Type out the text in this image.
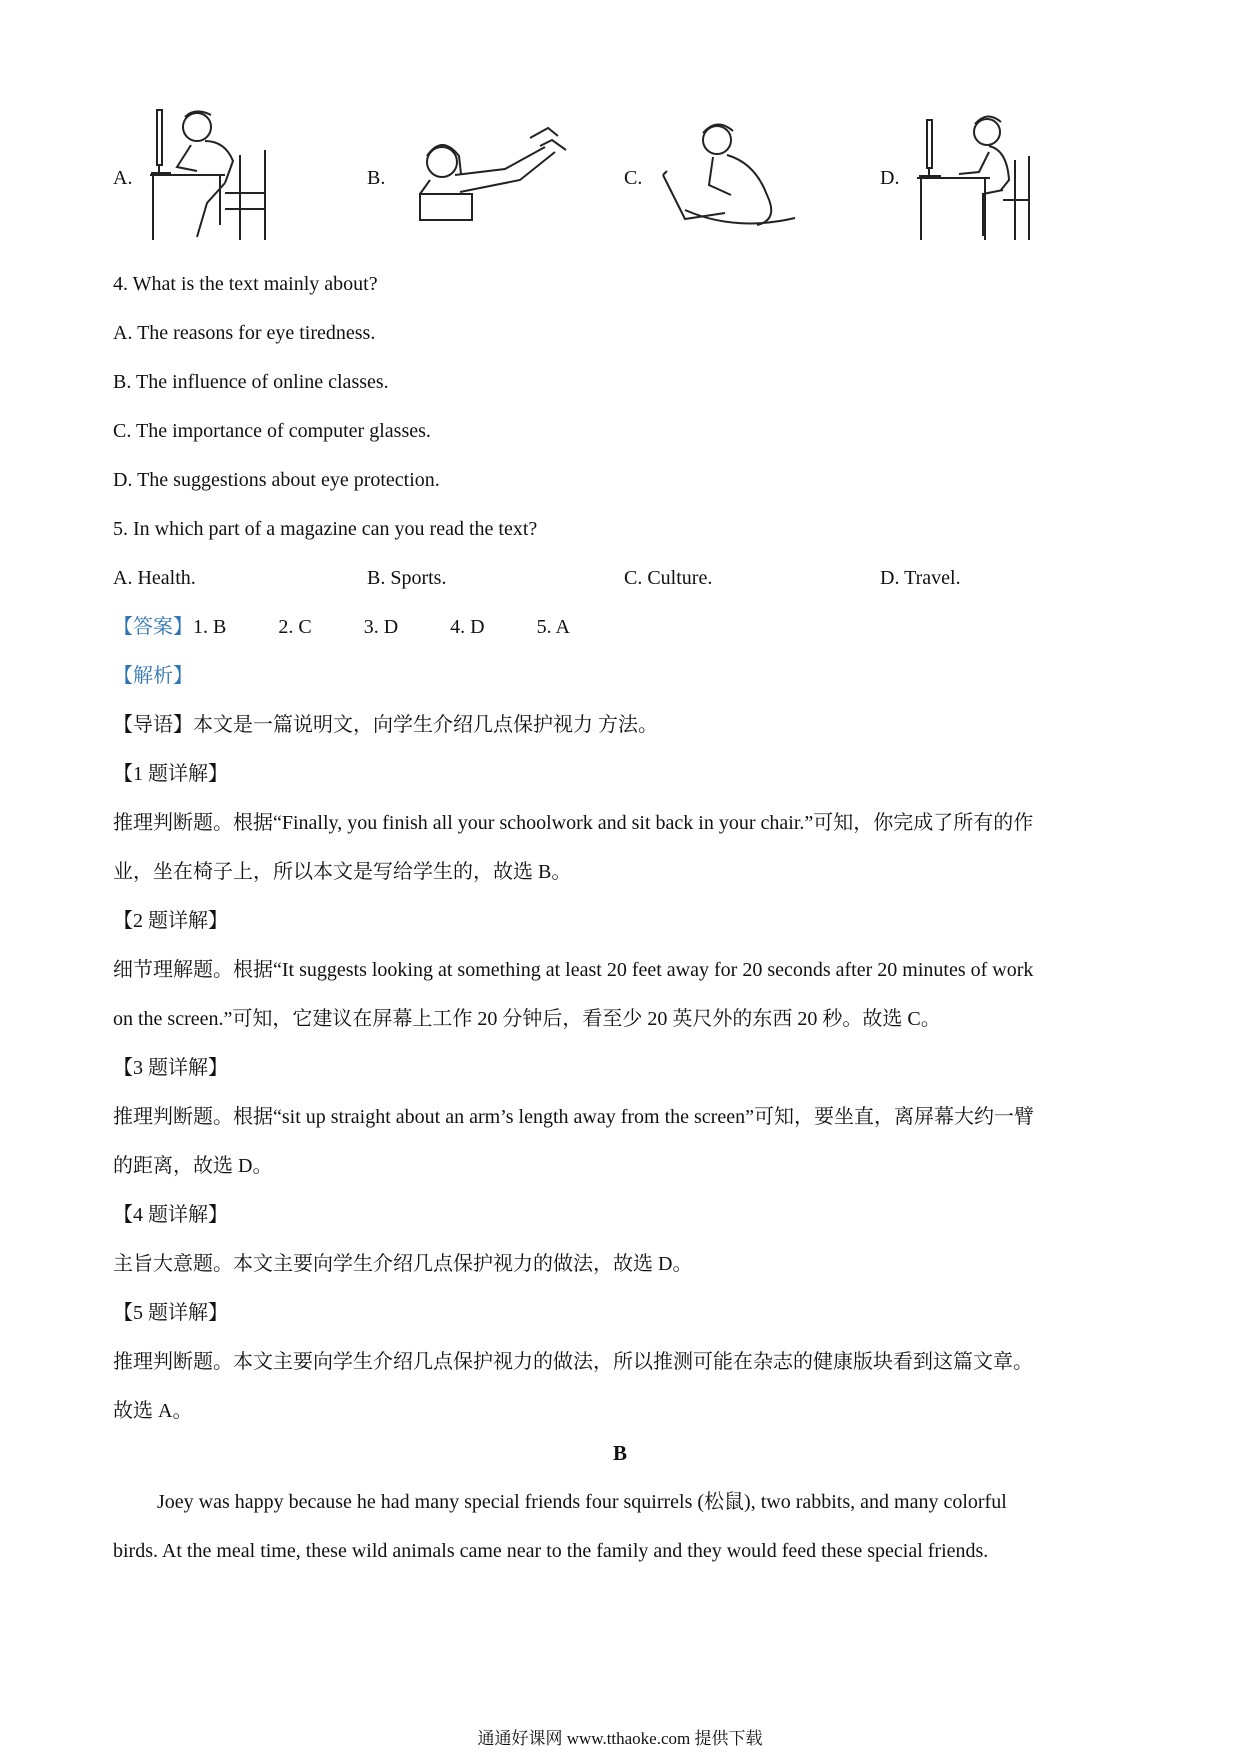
A.	B.	C.	D.
4. What is the text mainly about?
A. The reasons for eye tiredness.
B. The influence of online classes.
C. The importance of computer glasses.
D. The suggestions about eye protection.
5. In which part of a magazine can you read the text?
A. Health.	B. Sports.	C. Culture.	D. Travel.
【答案】1. B	2. C	3. D	4. D	5. A
【解析】
【导语】本文是一篇说明文，向学生介绍几点保护视力 方法。
【1 题详解】
推理判断题。根据“Finally, you finish all your schoolwork and sit back in your chair.”可知，你完成了所有的作
业，坐在椅子上，所以本文是写给学生的，故选 B。
【2 题详解】
细节理解题。根据“It suggests looking at something at least 20 feet away for 20 seconds after 20 minutes of work
on the screen.”可知，它建议在屏幕上工作 20 分钟后，看至少 20 英尺外的东西 20 秒。故选 C。
【3 题详解】
推理判断题。根据“sit up straight about an arm’s length away from the screen”可知，要坐直，离屏幕大约一臂
的距离，故选 D。
【4 题详解】
主旨大意题。本文主要向学生介绍几点保护视力的做法，故选 D。
【5 题详解】
推理判断题。本文主要向学生介绍几点保护视力的做法，所以推测可能在杂志的健康版块看到这篇文章。
故选 A。
B
Joey was happy because he had many special friends four squirrels (松鼠), two rabbits, and many colorful
birds. At the meal time, these wild animals came near to the family and they would feed these special friends.
通通好课网 www.tthaoke.com 提供下载
